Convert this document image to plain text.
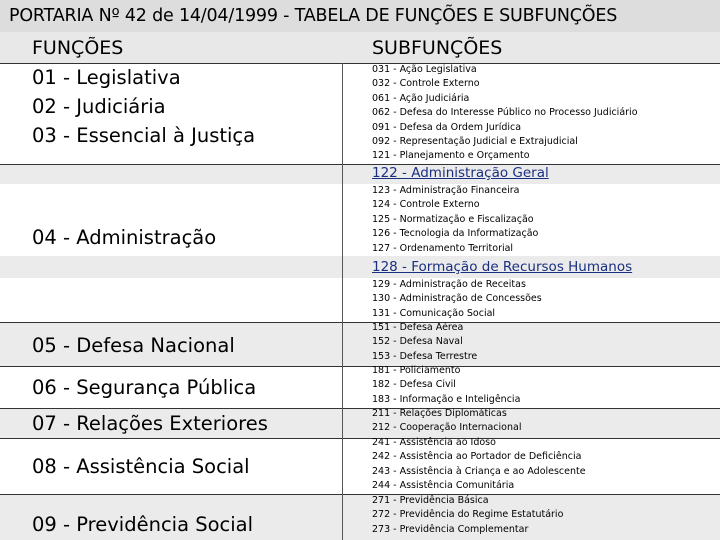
PORTARIA Nº 42 de 14/04/1999 - TABELA DE FUNÇÕES E SUBFUNÇÕES
FUNÇÕES	SUBFUNÇÕES
01 - Legislativa
02 - Judiciária
03 - Essencial à Justiça
04 - Administração
05 - Defesa Nacional
06 - Segurança Pública
07 - Relações Exteriores
08 - Assistência Social
09 - Previdência Social
031 - Ação Legislativa
032 - Controle Externo
061 - Ação Judiciária
062 - Defesa do Interesse Público no Processo Judiciário
091 - Defesa da Ordem Jurídica
092 - Representação Judicial e Extrajudicial
121 - Planejamento e Orçamento
122 - Administração Geral
123 - Administração Financeira
124 - Controle Externo
125 - Normatização e Fiscalização
126 - Tecnologia da Informatização
127 - Ordenamento Territorial
128 - Formação de Recursos Humanos
129 - Administração de Receitas
130 - Administração de Concessões
131 - Comunicação Social
151 - Defesa Aérea
152 - Defesa Naval
153 - Defesa Terrestre
181 - Policiamento
182 - Defesa Civil
183 - Informação e Inteligência
211 - Relações Diplomáticas
212 - Cooperação Internacional
241 - Assistência ao Idoso
242 - Assistência ao Portador de Deficiência
243 - Assistência à Criança e ao Adolescente
244 - Assistência Comunitária
271 - Previdência Básica
272 - Previdência do Regime Estatutário
273 - Previdência Complementar
